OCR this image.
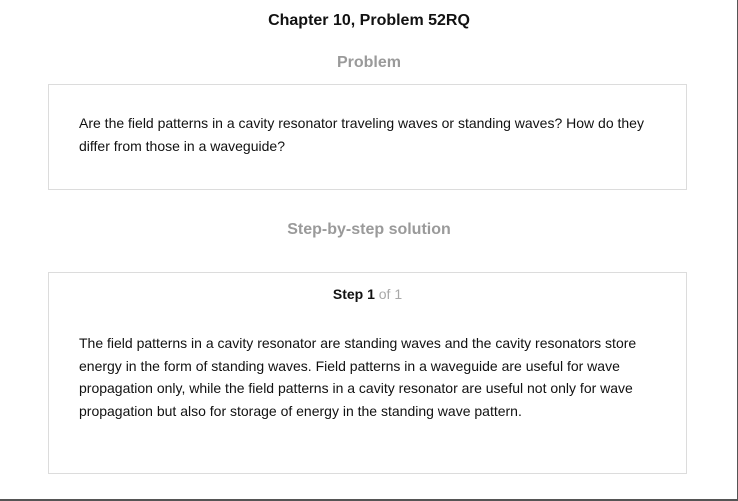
Chapter 10, Problem 52RQ
Problem
Are the field patterns in a cavity resonator traveling waves or standing waves? How do they differ from those in a waveguide?
Step-by-step solution
Step 1 of 1
The field patterns in a cavity resonator are standing waves and the cavity resonators store energy in the form of standing waves. Field patterns in a waveguide are useful for wave propagation only, while the field patterns in a cavity resonator are useful not only for wave propagation but also for storage of energy in the standing wave pattern.
